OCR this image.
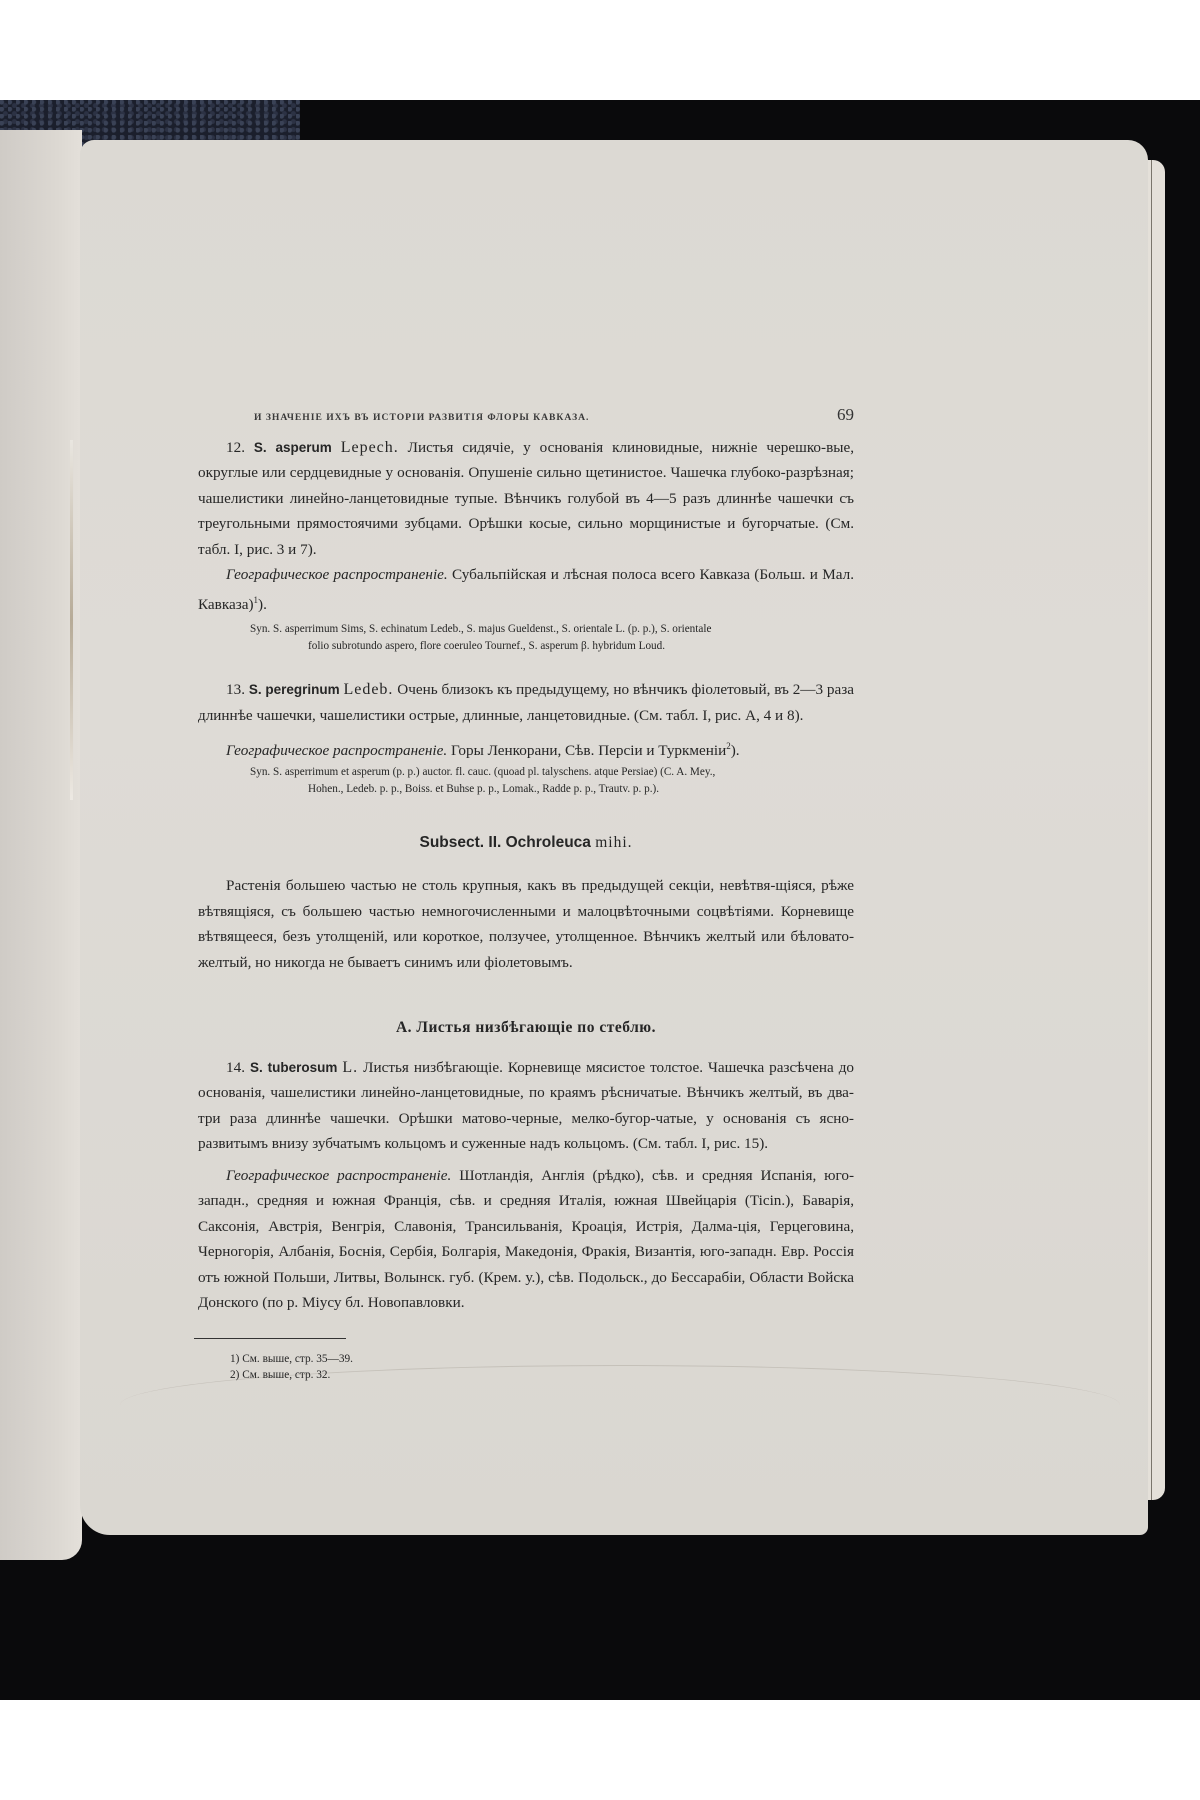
И ЗНАЧЕНІЕ ИХЪ ВЪ ИСТОРІИ РАЗВИТІЯ ФЛОРЫ КАВКАЗА.	69

12. S. asperum Lepech. Листья сидячіе, у основанія клиновидные, нижніе черешко-вые, округлые или сердцевидные у основанія. Опушеніе сильно щетинистое. Чашечка глубоко-разрѣзная; чашелистики линейно-ланцетовидные тупые. Вѣнчикъ голубой въ 4—5 разъ длиннѣе чашечки съ треугольными прямостоячими зубцами. Орѣшки косые, сильно морщинистые и бугорчатые. (См. табл. I, рис. 3 и 7).

Географическое распространеніе. Субальпійская и лѣсная полоса всего Кавказа (Больш. и Мал. Кавказа)$^1$).

Syn. S. asperrimum Sims, S. echinatum Ledeb., S. majus Gueldenst., S. orientale L. (p. p.), S. orientale
folio subrotundo aspero, flore coeruleo Tournef., S. asperum β. hybridum Loud.

13. S. peregrinum Ledeb. Очень близокъ къ предыдущему, но вѣнчикъ фіолетовый, въ 2—3 раза длиннѣе чашечки, чашелистики острые, длинные, ланцетовидные. (См. табл. I, рис. A, 4 и 8).

Географическое распространеніе. Горы Ленкорани, Сѣв. Персіи и Туркменіи$^2$).

Syn. S. asperrimum et asperum (p. p.) auctor. fl. cauc. (quoad pl. talyschens. atque Persiae) (C. A. Mey.,
Hohen., Ledeb. p. p., Boiss. et Buhse p. p., Lomak., Radde p. p., Trautv. p. p.).

Subsect. II. Ochroleuca mihi.

Растенія большею частью не столь крупныя, какъ въ предыдущей секціи, невѣтвя-щіяся, рѣже вѣтвящіяся, съ большею частью немногочисленными и малоцвѣточными соцвѣтіями. Корневище вѣтвящееся, безъ утолщеній, или короткое, ползучее, утолщенное. Вѣнчикъ желтый или бѣловато-желтый, но никогда не бываетъ синимъ или фіолетовымъ.

A. Листья низбѣгающіе по стеблю.

14. S. tuberosum L. Листья низбѣгающіе. Корневище мясистое толстое. Чашечка разсѣчена до основанія, чашелистики линейно-ланцетовидные, по краямъ рѣсничатые. Вѣнчикъ желтый, въ два-три раза длиннѣе чашечки. Орѣшки матово-черные, мелко-бугор-чатые, у основанія съ ясно-развитымъ внизу зубчатымъ кольцомъ и суженные надъ кольцомъ. (См. табл. I, рис. 15).

Географическое распространеніе. Шотландія, Англія (рѣдко), сѣв. и средняя Испанія, юго-западн., средняя и южная Франція, сѣв. и средняя Италія, южная Швейцарія (Ticin.), Баварія, Саксонія, Австрія, Венгрія, Славонія, Трансильванія, Кроація, Истрія, Далма-ція, Герцеговина, Черногорія, Албанія, Боснія, Сербія, Болгарія, Македонія, Фракія, Византія, юго-западн. Евр. Россія отъ южной Польши, Литвы, Волынск. губ. (Крем. у.), сѣв. Подольск., до Бессарабіи, Области Войска Донского (по р. Міусу бл. Новопавловки.

1) См. выше, стр. 35—39.

2) См. выше, стр. 32.
